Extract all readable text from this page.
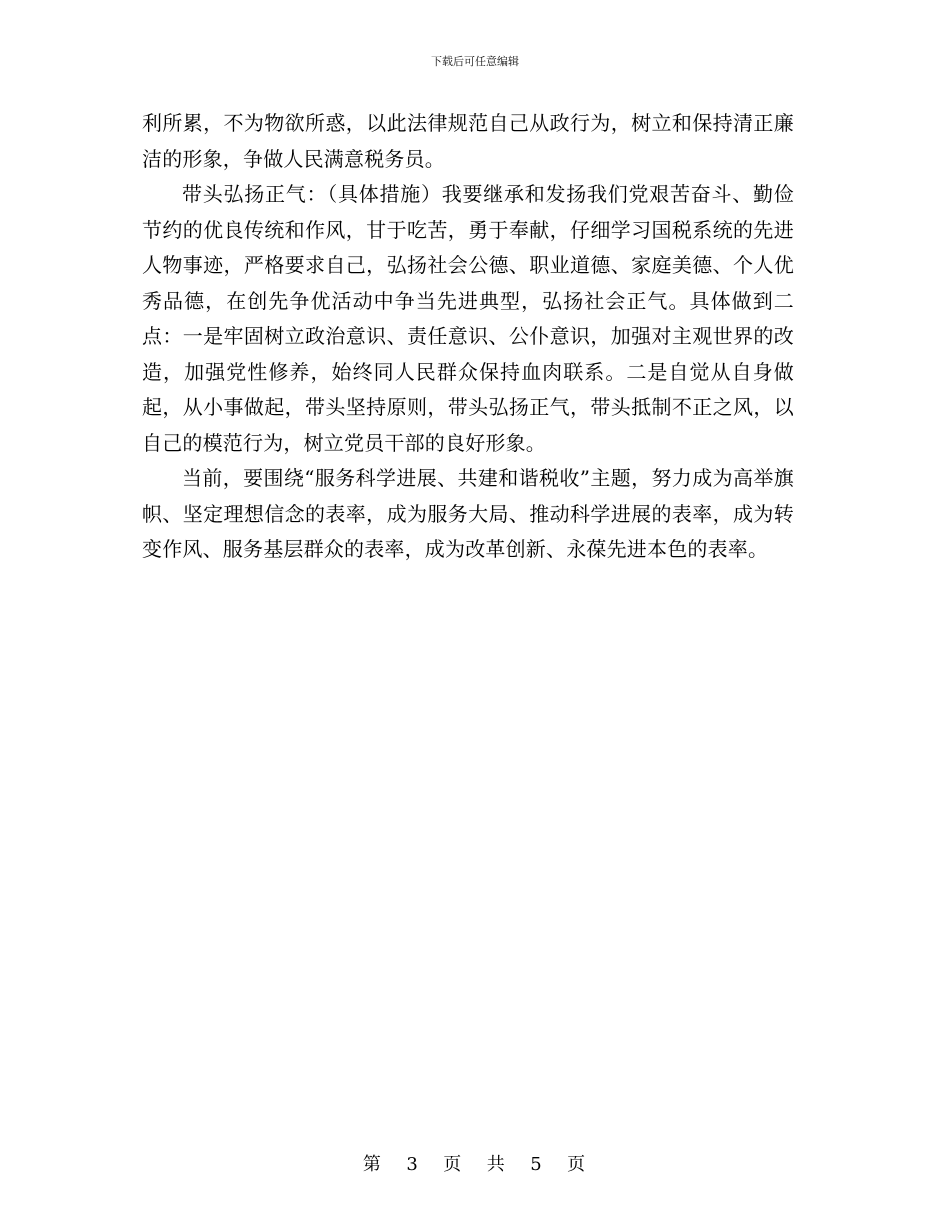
下载后可任意编辑

利所累，不为物欲所惑，以此法律规范自己从政行为，树立和保持清正廉洁的形象，争做人民满意税务员。

带头弘扬正气：（具体措施）我要继承和发扬我们党艰苦奋斗、勤俭节约的优良传统和作风，甘于吃苦，勇于奉献，仔细学习国税系统的先进人物事迹，严格要求自己，弘扬社会公德、职业道德、家庭美德、个人优秀品德，在创先争优活动中争当先进典型，弘扬社会正气。具体做到二点：一是牢固树立政治意识、责任意识、公仆意识，加强对主观世界的改造，加强党性修养，始终同人民群众保持血肉联系。二是自觉从自身做起，从小事做起，带头坚持原则，带头弘扬正气，带头抵制不正之风，以自己的模范行为，树立党员干部的良好形象。

当前，要围绕“服务科学进展、共建和谐税收”主题，努力成为高举旗帜、坚定理想信念的表率，成为服务大局、推动科学进展的表率，成为转变作风、服务基层群众的表率，成为改革创新、永葆先进本色的表率。

第 3 页 共 5 页
